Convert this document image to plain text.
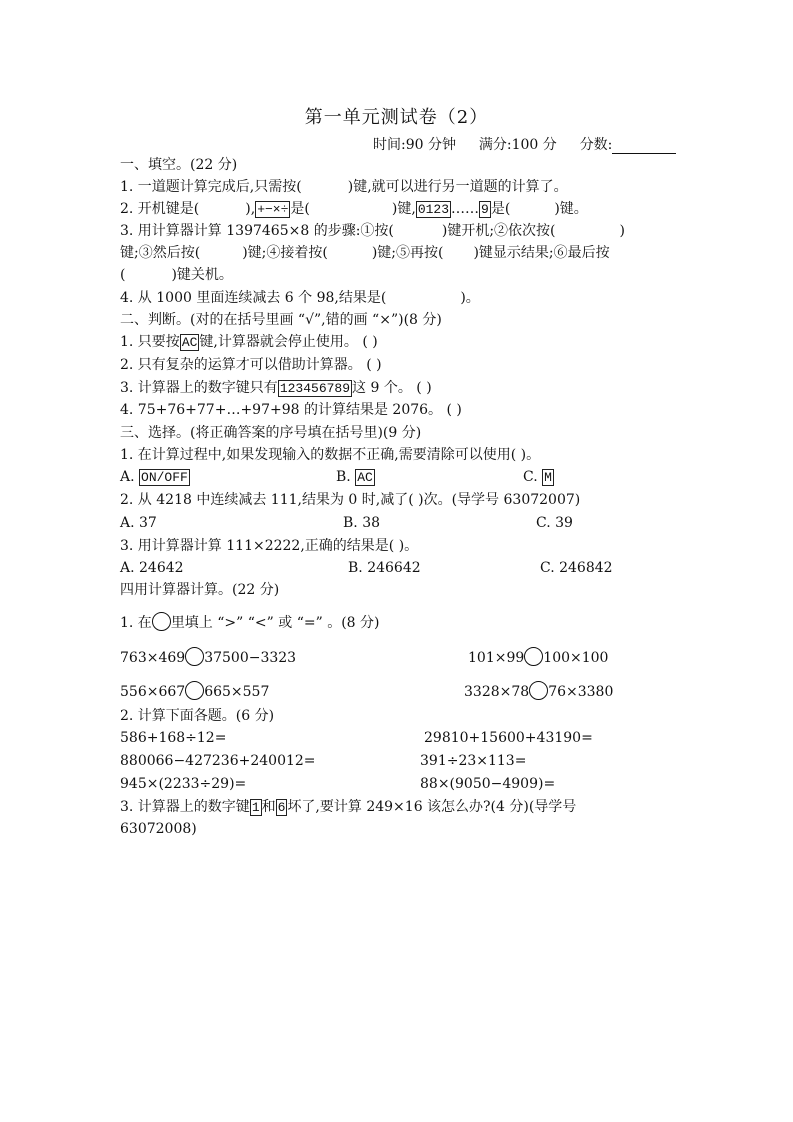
第一单元测试卷（2）
时间:90 分钟 满分:100 分 分数:
一、填空。(22 分)
1. 一道题计算完成后,只需按(	)键,就可以进行另一道题的计算了。
2. 开机键是(	), +−×÷ 是(	)键, 0123 …… 9 是(	)键。
3. 用计算器计算 1397465×8 的步骤:①按(	)键开机;②依次按(	)
键;③然后按(	)键;④接着按(	)键;⑤再按( )键显示结果;⑥最后按
(	)键关机。
4. 从 1000 里面连续减去 6 个 98,结果是(	)。
二、判断。(对的在括号里画 “√”,错的画 “×”)(8 分)
1. 只要按 AC 键,计算器就会停止使用。 ( )
2. 只有复杂的运算才可以借助计算器。 ( )
3. 计算器上的数字键只有 123456789 这 9 个。 ( )
4. 75+76+77+…+97+98 的计算结果是 2076。 ( )
三、选择。(将正确答案的序号填在括号里)(9 分)
1. 在计算过程中,如果发现输入的数据不正确,需要清除可以使用( )。
A. ON/OFF	B. AC	C. M
2. 从 4218 中连续减去 111,结果为 0 时,减了( )次。(导学号 63072007)
A. 37	B. 38	C. 39
3. 用计算器计算 111×2222,正确的结果是( )。
A. 24642	B. 246642	C. 246842
四用计算器计算。(22 分)
1. 在 里填上 “>” “<” 或 “=” 。(8 分)
763×469 37500−3323	101×99 100×100
556×667 665×557	3328×78 76×3380
2. 计算下面各题。(6 分)
586+168÷12=	29810+15600+43190=
880066−427236+240012=	391÷23×113=
945×(2233÷29)=	88×(9050−4909)=
3. 计算器上的数字键 1 和 6 坏了,要计算 249×16 该怎么办?(4 分)(导学号
63072008)
